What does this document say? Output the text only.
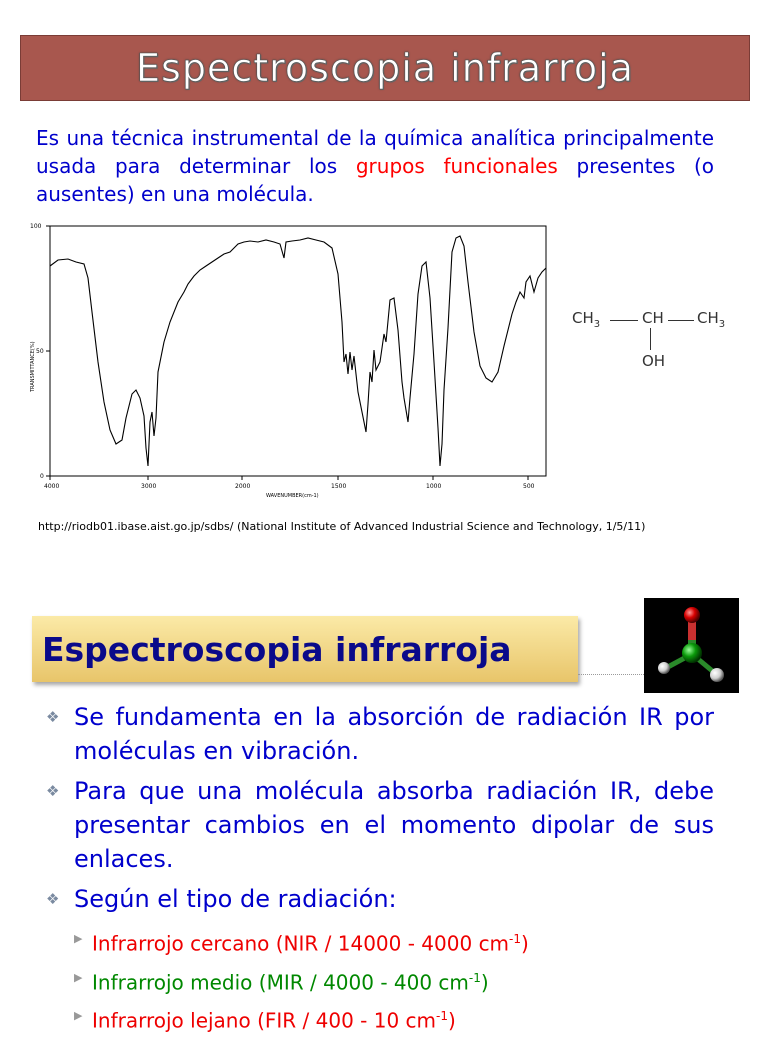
Espectroscopia infrarroja
Es una técnica instrumental de la química analítica principalmente usada para determinar los grupos funcionales presentes (o ausentes) en una molécula.
100
50
0
TRANSMITTANCE(%)
4000	3000	2000	1500	1000	500
WAVENUMBER(cm-1)
$CH_3$	CH $CH_3$
OH
http://riodb01.ibase.aist.go.jp/sdbs/ (National Institute of Advanced Industrial Science and Technology, 1/5/11)
Espectroscopia infrarroja
❖ Se fundamenta en la absorción de radiación IR por moléculas en vibración.
❖ Para que una molécula absorba radiación IR, debe presentar cambios en el momento dipolar de sus enlaces.
❖ Según el tipo de radiación:
▶ Infrarrojo cercano (NIR / 14000 - 4000 $cm^{-1}$)
▶ Infrarrojo medio (MIR / 4000 - 400 $cm^{-1}$)
▶ Infrarrojo lejano (FIR / 400 - 10 $cm^{-1}$)
